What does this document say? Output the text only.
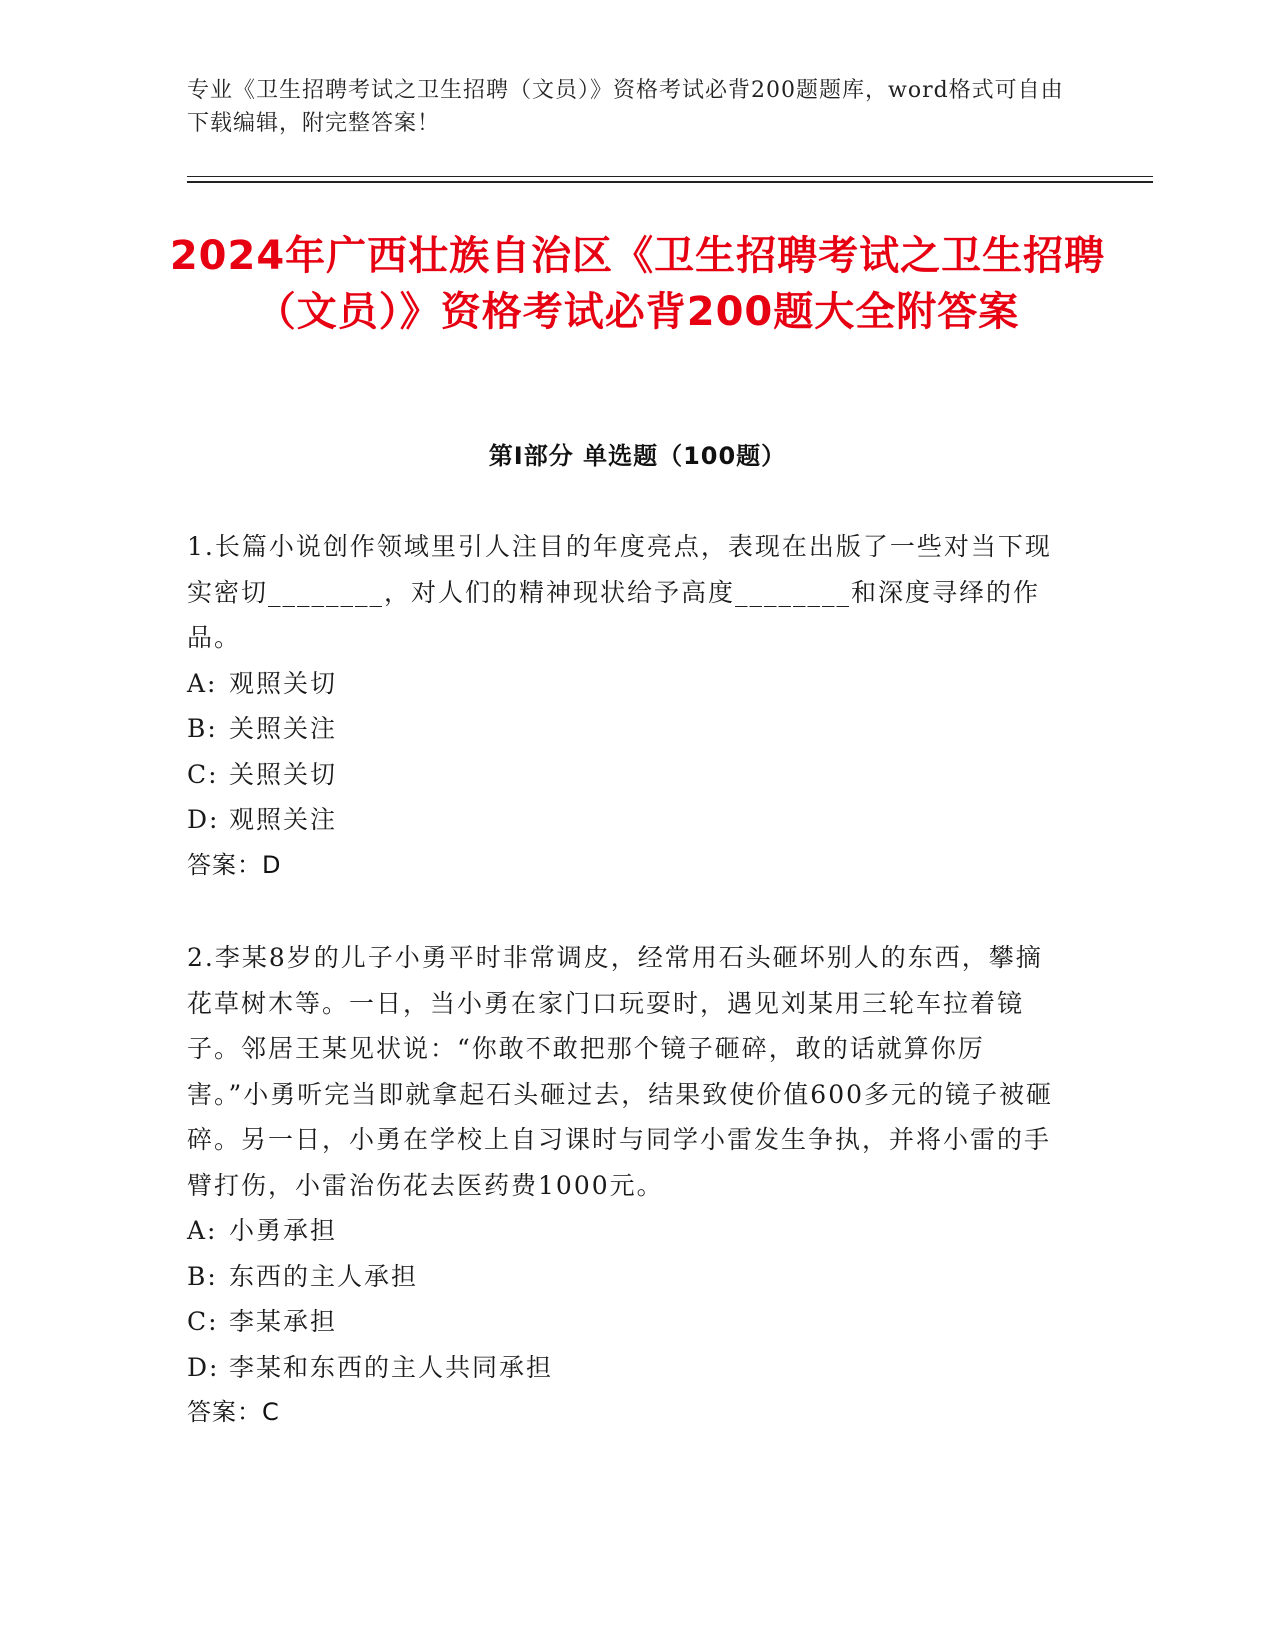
专业《卫生招聘考试之卫生招聘（文员）》资格考试必背200题题库，word格式可自由下载编辑，附完整答案！
2024年广西壮族自治区《卫生招聘考试之卫生招聘（文员）》资格考试必背200题大全附答案
第Ⅰ部分 单选题（100题）

1.长篇小说创作领域里引人注目的年度亮点，表现在出版了一些对当下现实密切________，对人们的精神现状给予高度________和深度寻绎的作品。

A: 观照关切

B: 关照关注

C: 关照关切

D: 观照关注

答案：D

2.李某8岁的儿子小勇平时非常调皮，经常用石头砸坏别人的东西，攀摘花草树木等。一日，当小勇在家门口玩耍时，遇见刘某用三轮车拉着镜子。邻居王某见状说：“你敢不敢把那个镜子砸碎，敢的话就算你厉害。”小勇听完当即就拿起石头砸过去，结果致使价值600多元的镜子被砸碎。另一日，小勇在学校上自习课时与同学小雷发生争执，并将小雷的手臂打伤，小雷治伤花去医药费1000元。

A: 小勇承担

B: 东西的主人承担

C: 李某承担

D: 李某和东西的主人共同承担

答案：C
